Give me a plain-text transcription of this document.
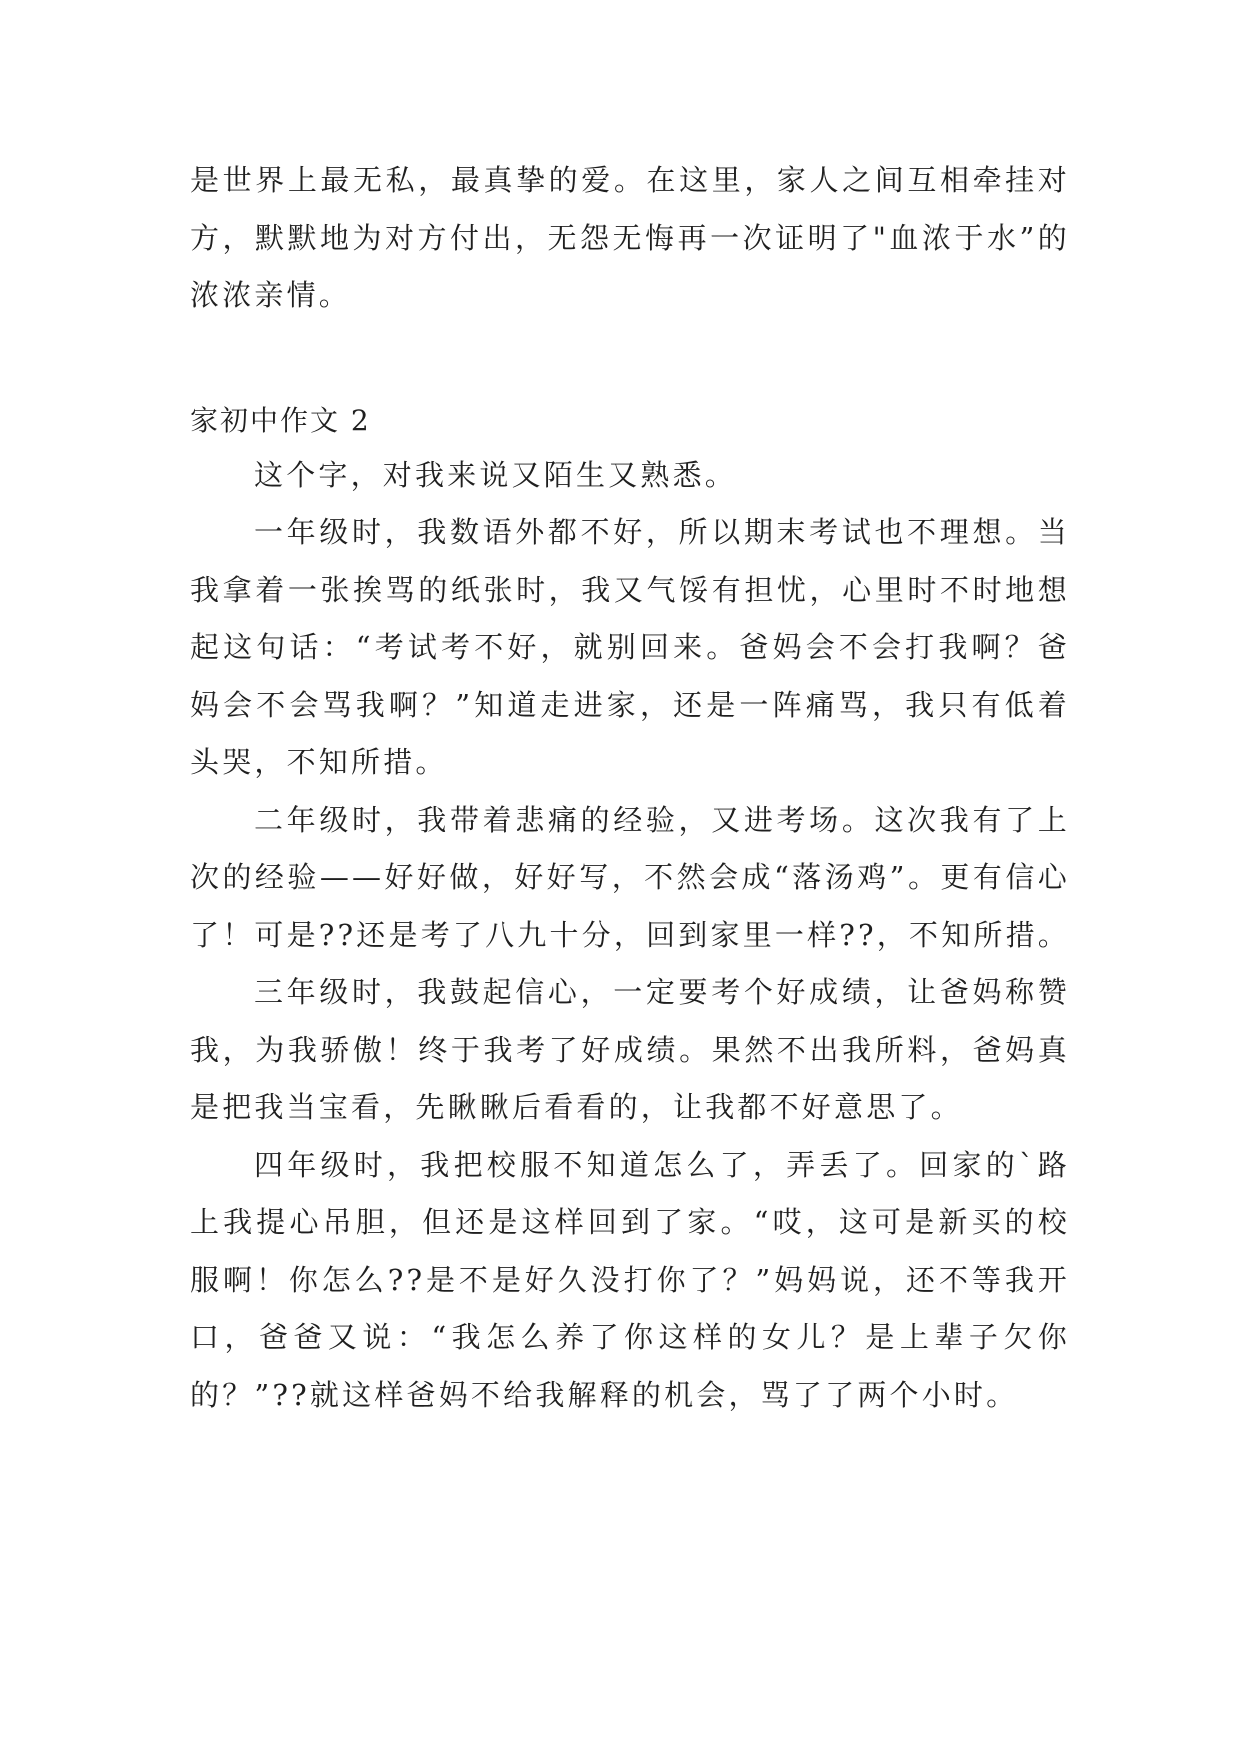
是世界上最无私，最真挚的爱。在这里，家人之间互相牵挂对方，默默地为对方付出，无怨无悔再一次证明了"血浓于水”的浓浓亲情。

家初中作文 2

这个字，对我来说又陌生又熟悉。

一年级时，我数语外都不好，所以期末考试也不理想。当我拿着一张挨骂的纸张时，我又气馁有担忧，心里时不时地想起这句话：“考试考不好，就别回来。爸妈会不会打我啊？爸妈会不会骂我啊？”知道走进家，还是一阵痛骂，我只有低着头哭，不知所措。

二年级时，我带着悲痛的经验，又进考场。这次我有了上次的经验——好好做，好好写，不然会成“落汤鸡”。更有信心了！可是??还是考了八九十分，回到家里一样??，不知所措。

三年级时，我鼓起信心，一定要考个好成绩，让爸妈称赞我，为我骄傲！终于我考了好成绩。果然不出我所料，爸妈真是把我当宝看，先瞅瞅后看看的，让我都不好意思了。

四年级时，我把校服不知道怎么了，弄丢了。回家的`路上我提心吊胆，但还是这样回到了家。“哎，这可是新买的校服啊！你怎么??是不是好久没打你了？”妈妈说，还不等我开口，爸爸又说：“我怎么养了你这样的女儿？是上辈子欠你的？”??就这样爸妈不给我解释的机会，骂了了两个小时。
